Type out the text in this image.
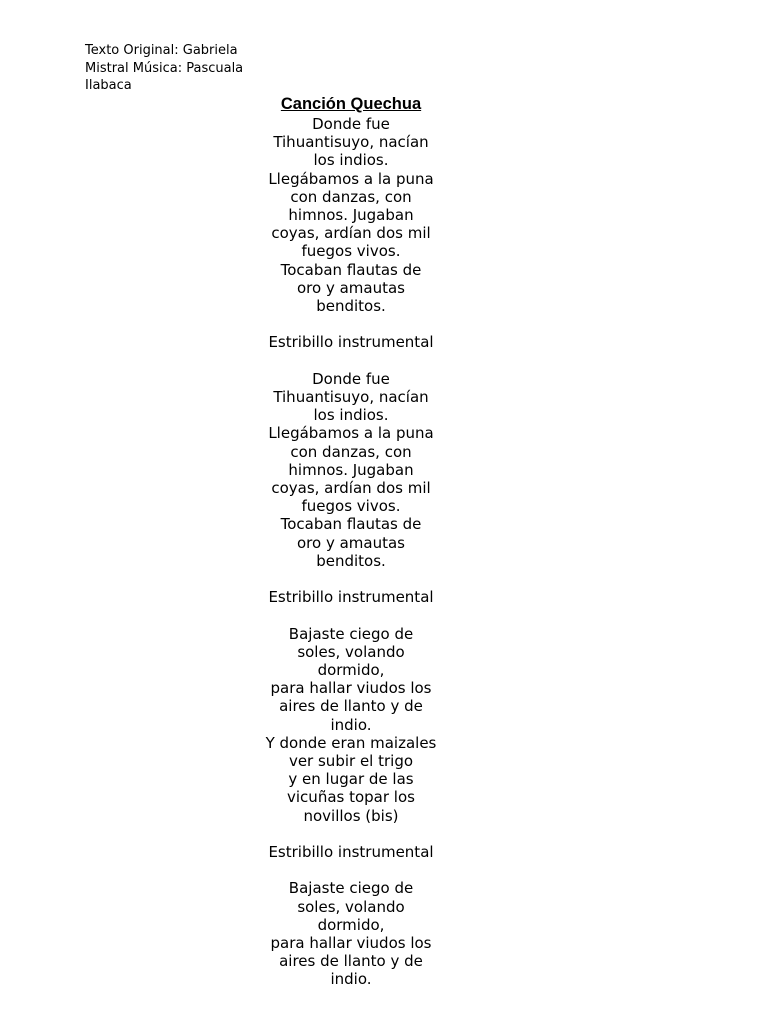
Texto Original: Gabriela
Mistral Música: Pascuala
Ilabaca
Canción Quechua
Donde fue
Tihuantisuyo, nacían
los indios.
Llegábamos a la puna
con danzas, con
himnos. Jugaban
coyas, ardían dos mil
fuegos vivos.
Tocaban flautas de
oro y amautas
benditos.
Estribillo instrumental
Donde fue
Tihuantisuyo, nacían
los indios.
Llegábamos a la puna
con danzas, con
himnos. Jugaban
coyas, ardían dos mil
fuegos vivos.
Tocaban flautas de
oro y amautas
benditos.
Estribillo instrumental
Bajaste ciego de
soles, volando
dormido,
para hallar viudos los
aires de llanto y de
indio.
Y donde eran maizales
ver subir el trigo
y en lugar de las
vicuñas topar los
novillos (bis)
Estribillo instrumental
Bajaste ciego de
soles, volando
dormido,
para hallar viudos los
aires de llanto y de
indio.
